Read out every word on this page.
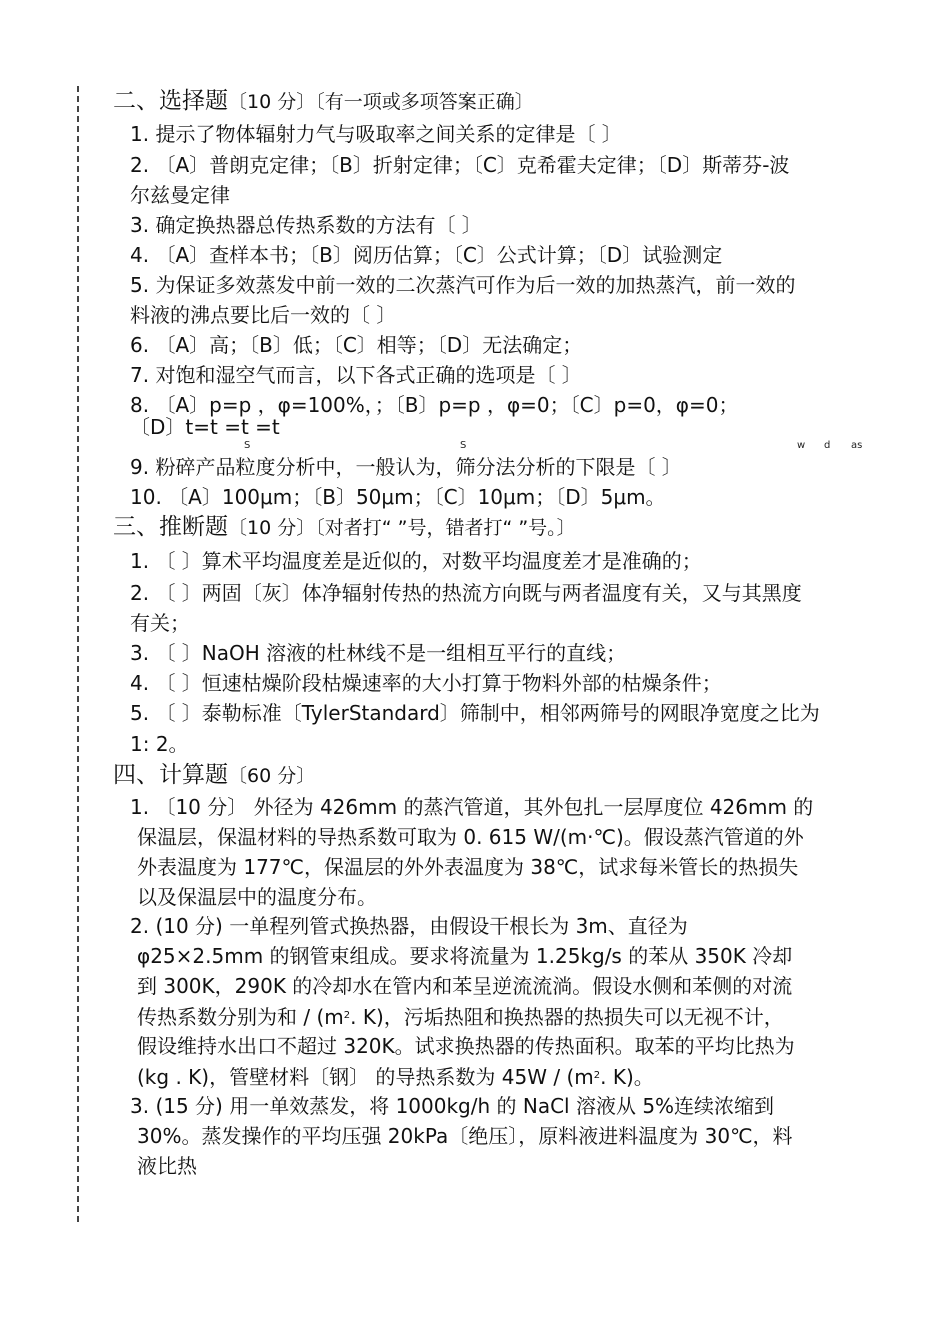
二、选择题〔10 分〕〔有一项或多项答案正确〕
1. 提示了物体辐射力气与吸取率之间关系的定律是〔 〕
2. 〔A〕普朗克定律；〔B〕折射定律；〔C〕克希霍夫定律；〔D〕斯蒂芬-波
尔兹曼定律
3. 确定换热器总传热系数的方法有〔 〕
4. 〔A〕查样本书；〔B〕阅历估算；〔C〕公式计算；〔D〕试验测定
5. 为保证多效蒸发中前一效的二次蒸汽可作为后一效的加热蒸汽，前一效的
料液的沸点要比后一效的〔 〕
6. 〔A〕高；〔B〕低；〔C〕相等；〔D〕无法确定；
7. 对饱和湿空气而言，以下各式正确的选项是〔 〕
8. 〔A〕p=p ，φ=100%，；〔B〕p=p ，φ=0；〔C〕p=0，φ=0；
〔D〕t=t =t =t
S	S	w d as
9. 粉碎产品粒度分析中，一般认为，筛分法分析的下限是〔 〕
10. 〔A〕100μm；〔B〕50μm；〔C〕10μm；〔D〕5μm。
三、推断题〔10 分〕〔对者打“ ”号，错者打“ ”号。〕
1. 〔 〕算术平均温度差是近似的，对数平均温度差才是准确的；
2. 〔 〕两固〔灰〕体净辐射传热的热流方向既与两者温度有关，又与其黑度
有关；
3. 〔 〕NaOH 溶液的杜林线不是一组相互平行的直线；
4. 〔 〕恒速枯燥阶段枯燥速率的大小打算于物料外部的枯燥条件；
5. 〔 〕泰勒标准〔TylerStandard〕筛制中，相邻两筛号的网眼净宽度之比为
1: 2。
四、计算题〔60 分〕
1. 〔10 分〕 外径为 426mm 的蒸汽管道，其外包扎一层厚度位 426mm 的
保温层，保温材料的导热系数可取为 0. 615 W/(m·℃)。假设蒸汽管道的外
外表温度为 177℃，保温层的外外表温度为 38℃，试求每米管长的热损失
以及保温层中的温度分布。
2. (10 分) 一单程列管式换热器，由假设干根长为 3m、直径为
φ25×2.5mm 的钢管束组成。要求将流量为 1.25kg/s 的苯从 350K 冷却
到 300K，290K 的冷却水在管内和苯呈逆流流淌。假设水侧和苯侧的对流
传热系数分别为和 / ($m^2$. K)，污垢热阻和换热器的热损失可以无视不计，
假设维持水出口不超过 320K。试求换热器的传热面积。取苯的平均比热为
(kg . K)，管壁材料〔钢〕 的导热系数为 $45W / (m^2$. K)。
3. (15 分) 用一单效蒸发，将 1000kg/h 的 NaCl 溶液从 5%连续浓缩到
30%。蒸发操作的平均压强 20kPa〔绝压〕，原料液进料温度为 30℃，料
液比热
